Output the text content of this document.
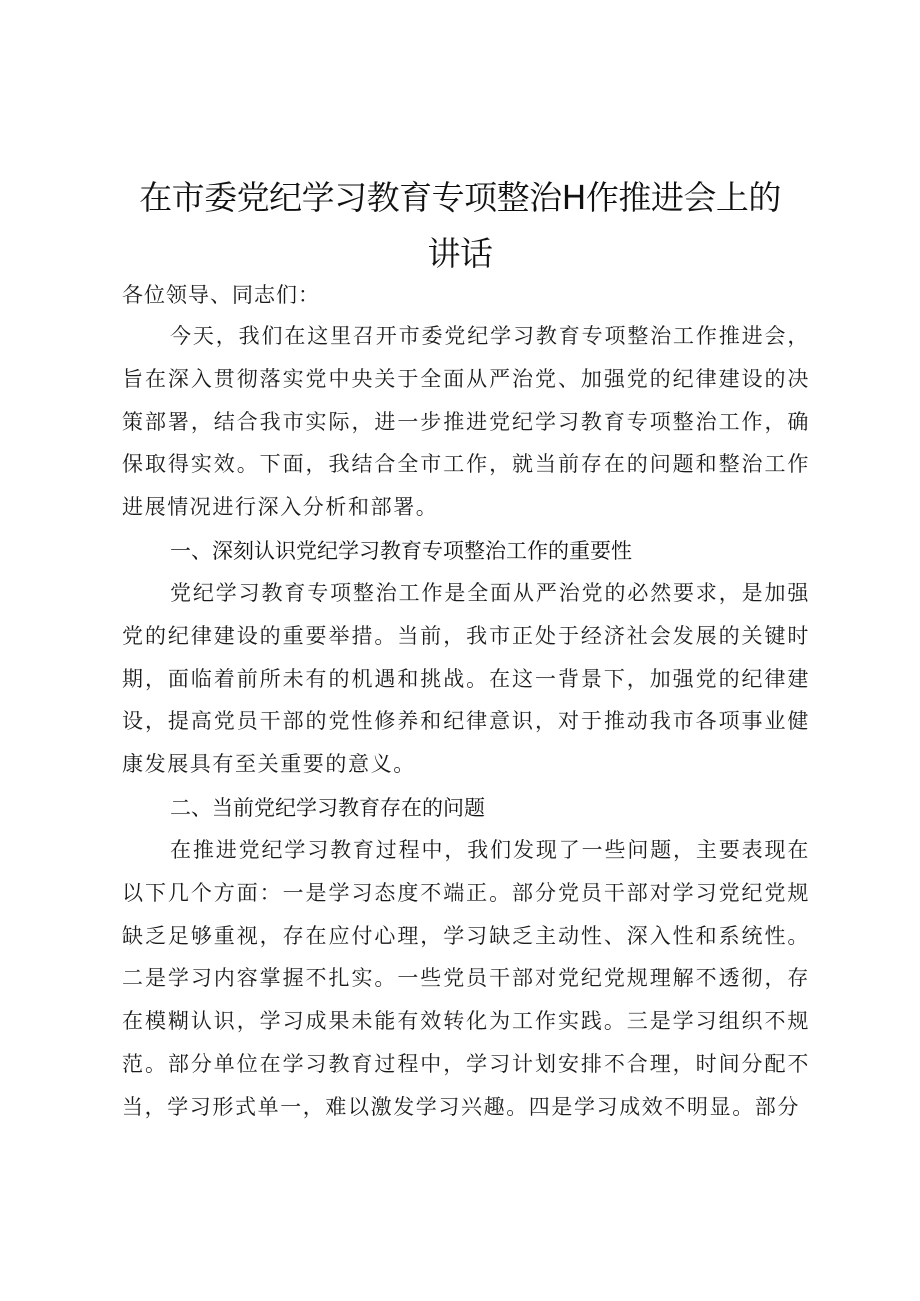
在市委党纪学习教育专项整治H作推进会上的讲话

各位领导、同志们：

今天，我们在这里召开市委党纪学习教育专项整治工作推进会，旨在深入贯彻落实党中央关于全面从严治党、加强党的纪律建设的决策部署，结合我市实际，进一步推进党纪学习教育专项整治工作，确保取得实效。下面，我结合全市工作，就当前存在的问题和整治工作进展情况进行深入分析和部署。

一、深刻认识党纪学习教育专项整治工作的重要性

党纪学习教育专项整治工作是全面从严治党的必然要求，是加强党的纪律建设的重要举措。当前，我市正处于经济社会发展的关键时期，面临着前所未有的机遇和挑战。在这一背景下，加强党的纪律建设，提高党员干部的党性修养和纪律意识，对于推动我市各项事业健康发展具有至关重要的意义。

二、当前党纪学习教育存在的问题

在推进党纪学习教育过程中，我们发现了一些问题，主要表现在以下几个方面：一是学习态度不端正。部分党员干部对学习党纪党规缺乏足够重视，存在应付心理，学习缺乏主动性、深入性和系统性。二是学习内容掌握不扎实。一些党员干部对党纪党规理解不透彻，存在模糊认识，学习成果未能有效转化为工作实践。三是学习组织不规范。部分单位在学习教育过程中，学习计划安排不合理，时间分配不当，学习形式单一，难以激发学习兴趣。四是学习成效不明显。部分
